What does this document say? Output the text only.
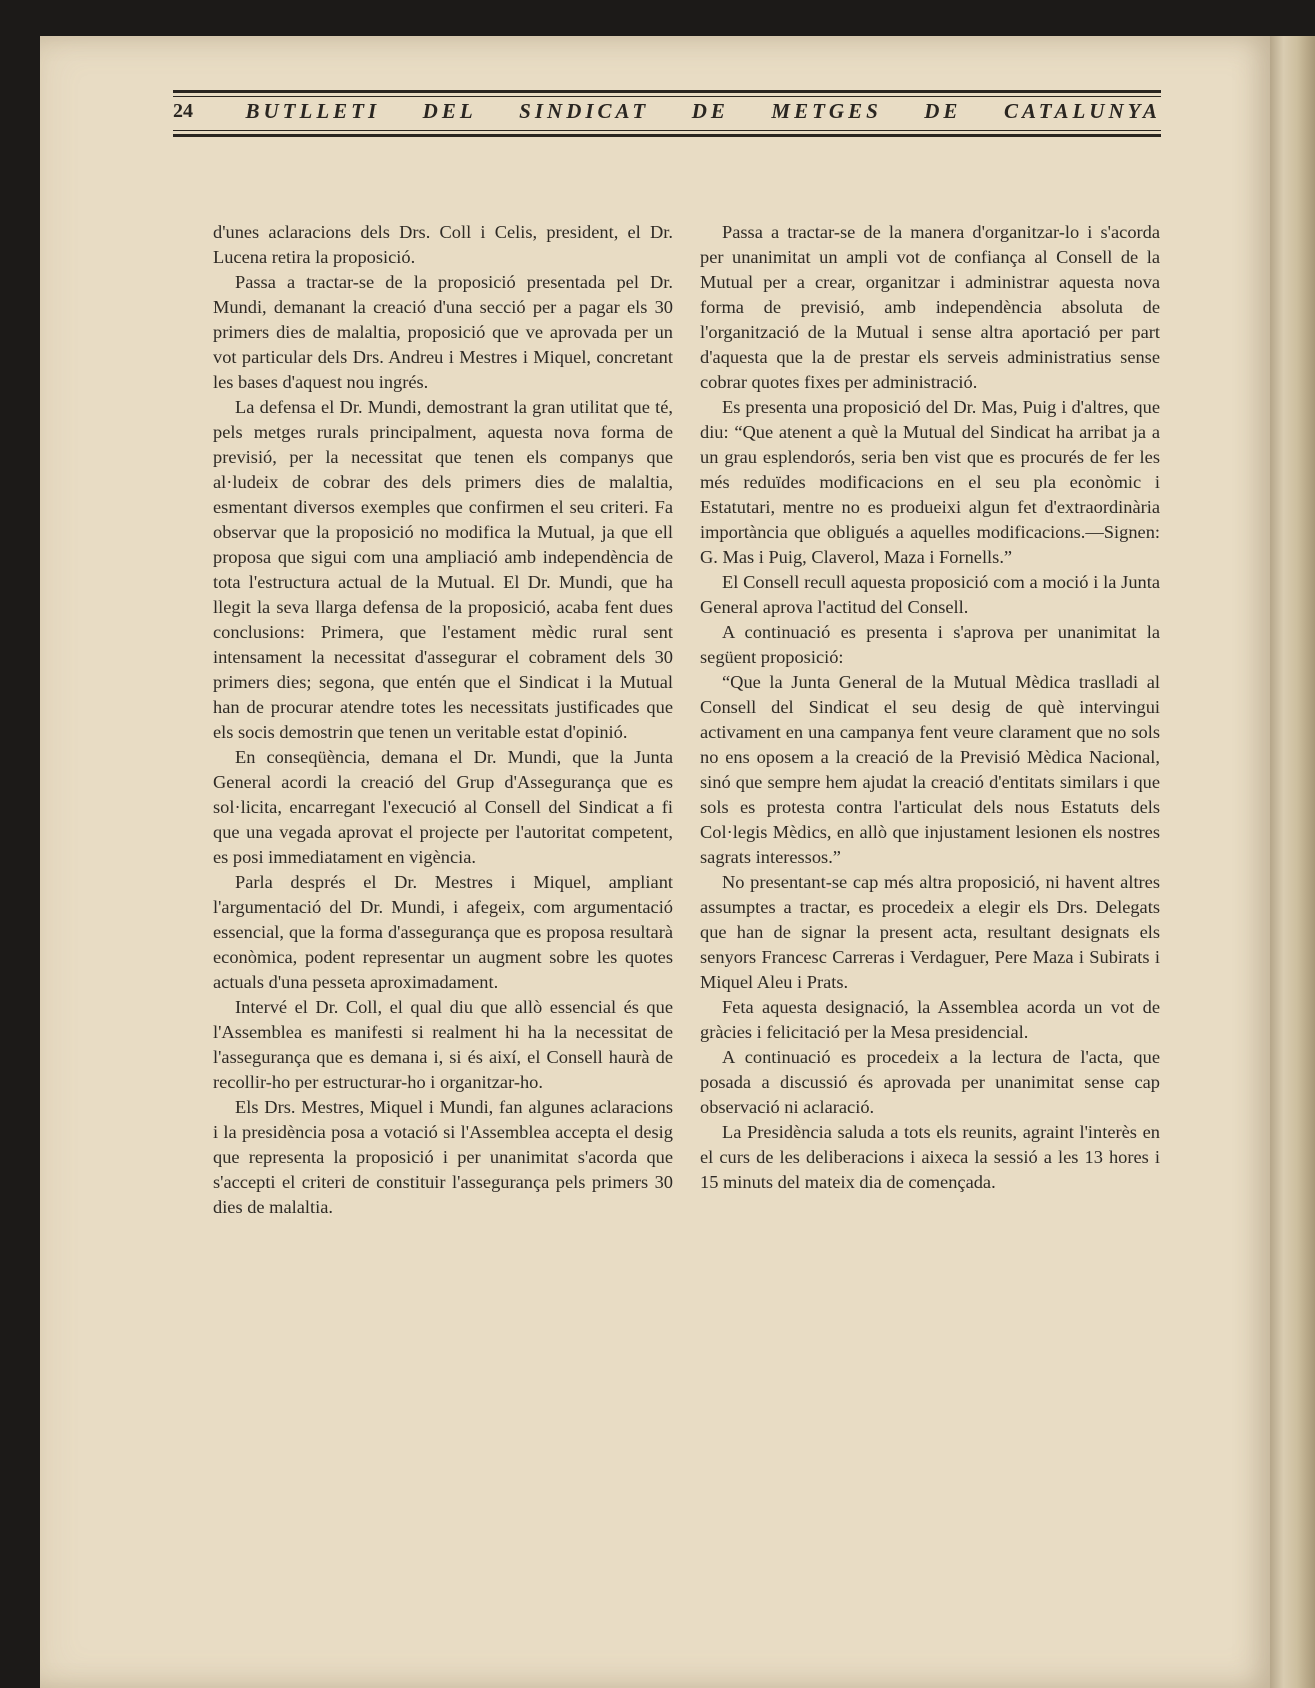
24	BUTLLETI DEL SINDICAT DE METGES DE CATALUNYA

d'unes aclaracions dels Drs. Coll i Celis, president, el Dr. Lucena retira la proposició.

Passa a tractar-se de la proposició presentada pel Dr. Mundi, demanant la creació d'una secció per a pagar els 30 primers dies de malaltia, proposició que ve aprovada per un vot particular dels Drs. Andreu i Mestres i Miquel, concretant les bases d'aquest nou ingrés.

La defensa el Dr. Mundi, demostrant la gran utilitat que té, pels metges rurals principalment, aquesta nova forma de previsió, per la necessitat que tenen els companys que al·ludeix de cobrar des dels primers dies de malaltia, esmentant diversos exemples que confirmen el seu criteri. Fa observar que la proposició no modifica la Mutual, ja que ell proposa que sigui com una ampliació amb independència de tota l'estructura actual de la Mutual. El Dr. Mundi, que ha llegit la seva llarga defensa de la proposició, acaba fent dues conclusions: Primera, que l'estament mèdic rural sent intensament la necessitat d'assegurar el cobrament dels 30 primers dies; segona, que entén que el Sindicat i la Mutual han de procurar atendre totes les necessitats justificades que els socis demostrin que tenen un veritable estat d'opinió.

En conseqüència, demana el Dr. Mundi, que la Junta General acordi la creació del Grup d'Assegurança que es sol·licita, encarregant l'execució al Consell del Sindicat a fi que una vegada aprovat el projecte per l'autoritat competent, es posi immediatament en vigència.

Parla després el Dr. Mestres i Miquel, ampliant l'argumentació del Dr. Mundi, i afegeix, com argumentació essencial, que la forma d'assegurança que es proposa resultarà econòmica, podent representar un augment sobre les quotes actuals d'una pesseta aproximadament.

Intervé el Dr. Coll, el qual diu que allò essencial és que l'Assemblea es manifesti si realment hi ha la necessitat de l'assegurança que es demana i, si és així, el Consell haurà de recollir-ho per estructurar-ho i organitzar-ho.

Els Drs. Mestres, Miquel i Mundi, fan algunes aclaracions i la presidència posa a votació si l'Assemblea accepta el desig que representa la proposició i per unanimitat s'acorda que s'accepti el criteri de constituir l'assegurança pels primers 30 dies de malaltia.

Passa a tractar-se de la manera d'organitzar-lo i s'acorda per unanimitat un ampli vot de confiança al Consell de la Mutual per a crear, organitzar i administrar aquesta nova forma de previsió, amb independència absoluta de l'organització de la Mutual i sense altra aportació per part d'aquesta que la de prestar els serveis administratius sense cobrar quotes fixes per administració.

Es presenta una proposició del Dr. Mas, Puig i d'altres, que diu: “Que atenent a què la Mutual del Sindicat ha arribat ja a un grau esplendorós, seria ben vist que es procurés de fer les més reduïdes modificacions en el seu pla econòmic i Estatutari, mentre no es produeixi algun fet d'extraordinària importància que obligués a aquelles modificacions.—Signen: G. Mas i Puig, Claverol, Maza i Fornells.”

El Consell recull aquesta proposició com a moció i la Junta General aprova l'actitud del Consell.

A continuació es presenta i s'aprova per unanimitat la següent proposició:

“Que la Junta General de la Mutual Mèdica traslladi al Consell del Sindicat el seu desig de què intervingui activament en una campanya fent veure clarament que no sols no ens oposem a la creació de la Previsió Mèdica Nacional, sinó que sempre hem ajudat la creació d'entitats similars i que sols es protesta contra l'articulat dels nous Estatuts dels Col·legis Mèdics, en allò que injustament lesionen els nostres sagrats interessos.”

No presentant-se cap més altra proposició, ni havent altres assumptes a tractar, es procedeix a elegir els Drs. Delegats que han de signar la present acta, resultant designats els senyors Francesc Carreras i Verdaguer, Pere Maza i Subirats i Miquel Aleu i Prats.

Feta aquesta designació, la Assemblea acorda un vot de gràcies i felicitació per la Mesa presidencial.

A continuació es procedeix a la lectura de l'acta, que posada a discussió és aprovada per unanimitat sense cap observació ni aclaració.

La Presidència saluda a tots els reunits, agraint l'interès en el curs de les deliberacions i aixeca la sessió a les 13 hores i 15 minuts del mateix dia de començada.
